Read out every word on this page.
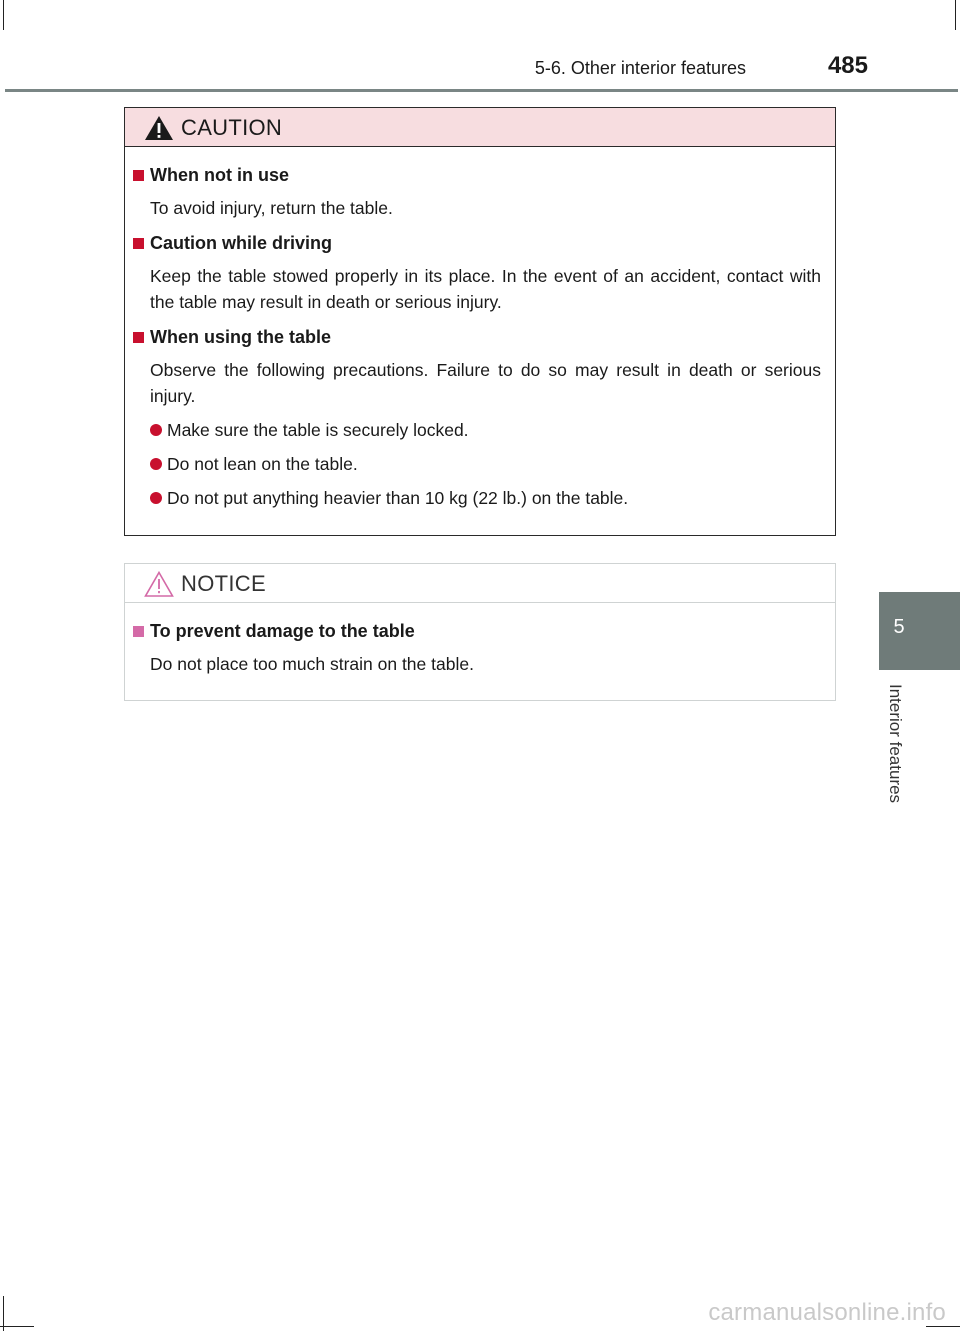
5-6. Other interior features	485
5
Interior features
CAUTION
When not in use
To avoid injury, return the table.
Caution while driving
Keep the table stowed properly in its place. In the event of an accident, contact with the table may result in death or serious injury.
When using the table
Observe the following precautions. Failure to do so may result in death or serious injury.
Make sure the table is securely locked.
Do not lean on the table.
Do not put anything heavier than 10 kg (22 lb.) on the table.
NOTICE
To prevent damage to the table
Do not place too much strain on the table.
carmanualsonline.info
